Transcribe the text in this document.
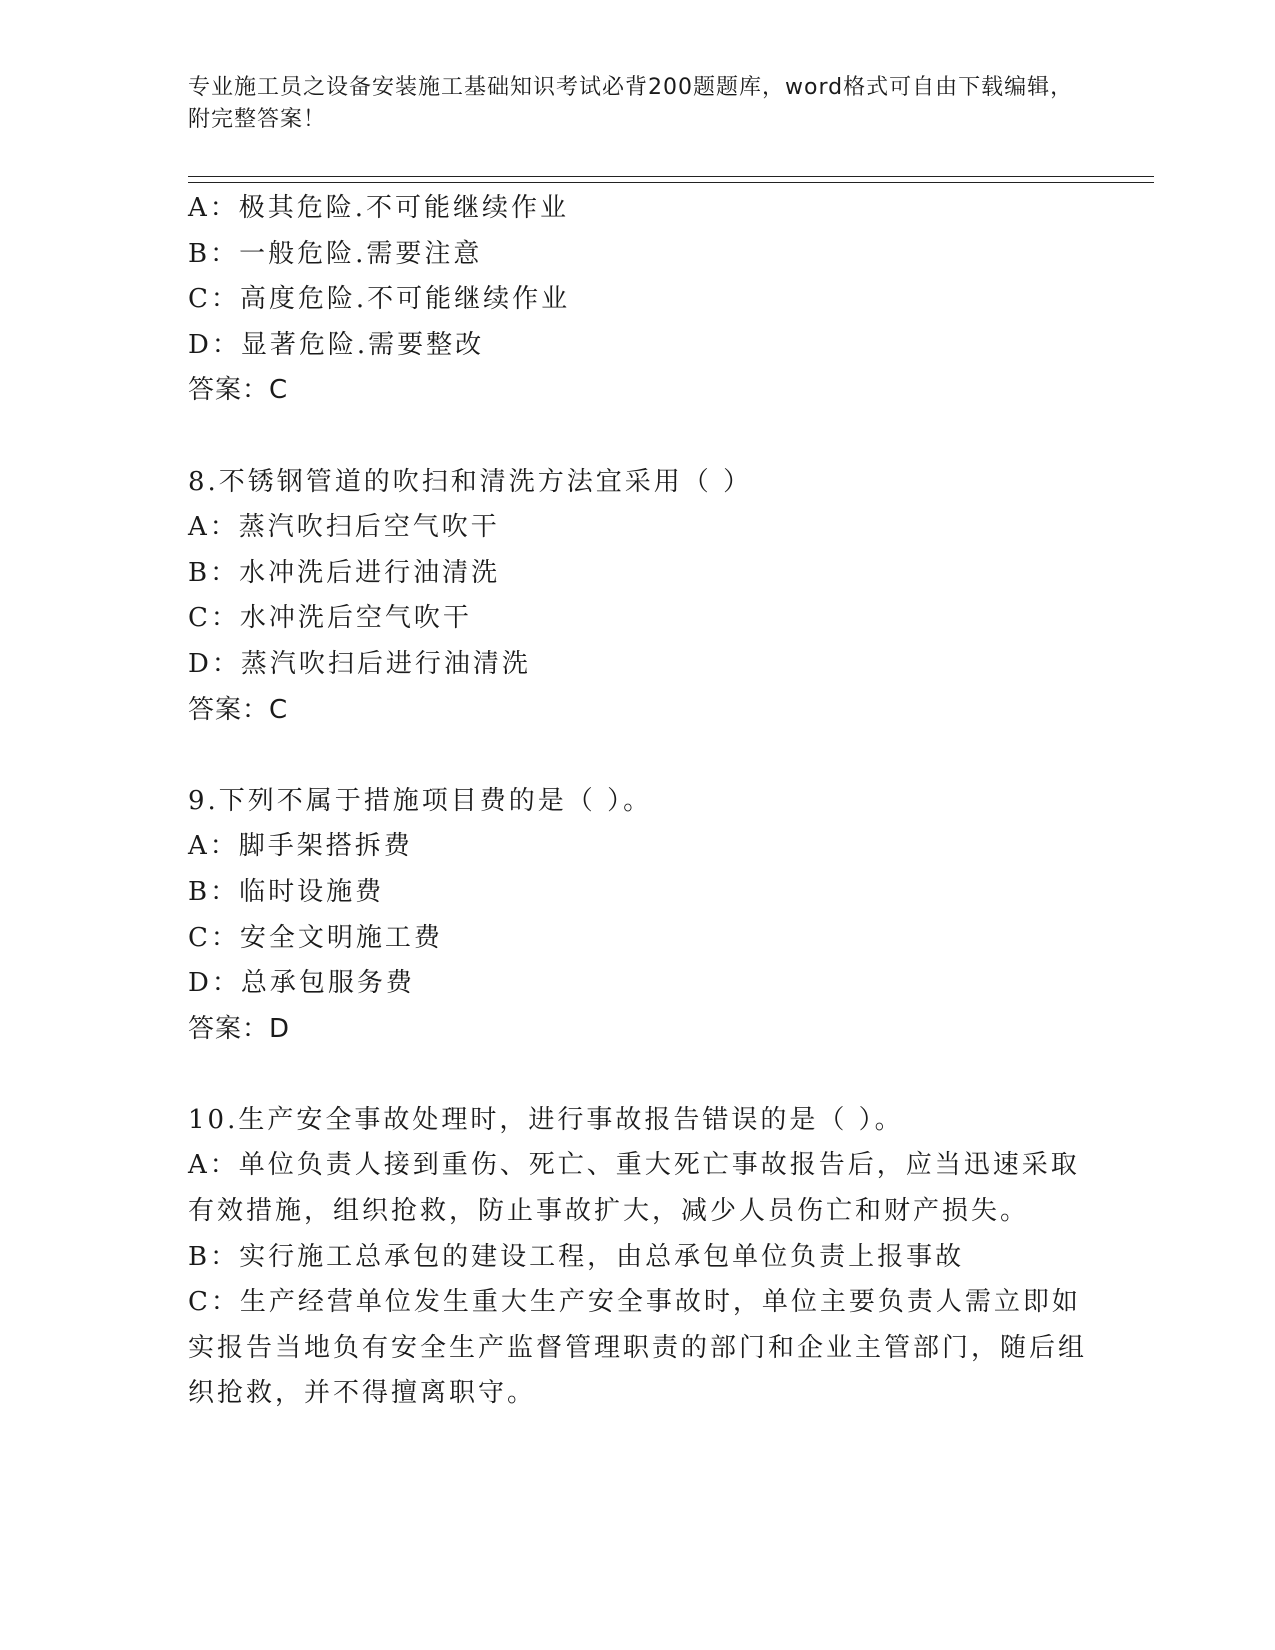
专业施工员之设备安装施工基础知识考试必背200题题库，word格式可自由下载编辑，附完整答案！
A：极其危险.不可能继续作业
B：一般危险.需要注意
C：高度危险.不可能继续作业
D：显著危险.需要整改
答案：C
8.不锈钢管道的吹扫和清洗方法宜采用（ ）
A：蒸汽吹扫后空气吹干
B：水冲洗后进行油清洗
C：水冲洗后空气吹干
D：蒸汽吹扫后进行油清洗
答案：C
9.下列不属于措施项目费的是（ ）。
A：脚手架搭拆费
B：临时设施费
C：安全文明施工费
D：总承包服务费
答案：D
10.生产安全事故处理时，进行事故报告错误的是（ ）。
A：单位负责人接到重伤、死亡、重大死亡事故报告后，应当迅速采取有效措施，组织抢救，防止事故扩大，减少人员伤亡和财产损失。
B：实行施工总承包的建设工程，由总承包单位负责上报事故
C：生产经营单位发生重大生产安全事故时，单位主要负责人需立即如实报告当地负有安全生产监督管理职责的部门和企业主管部门，随后组织抢救，并不得擅离职守。
